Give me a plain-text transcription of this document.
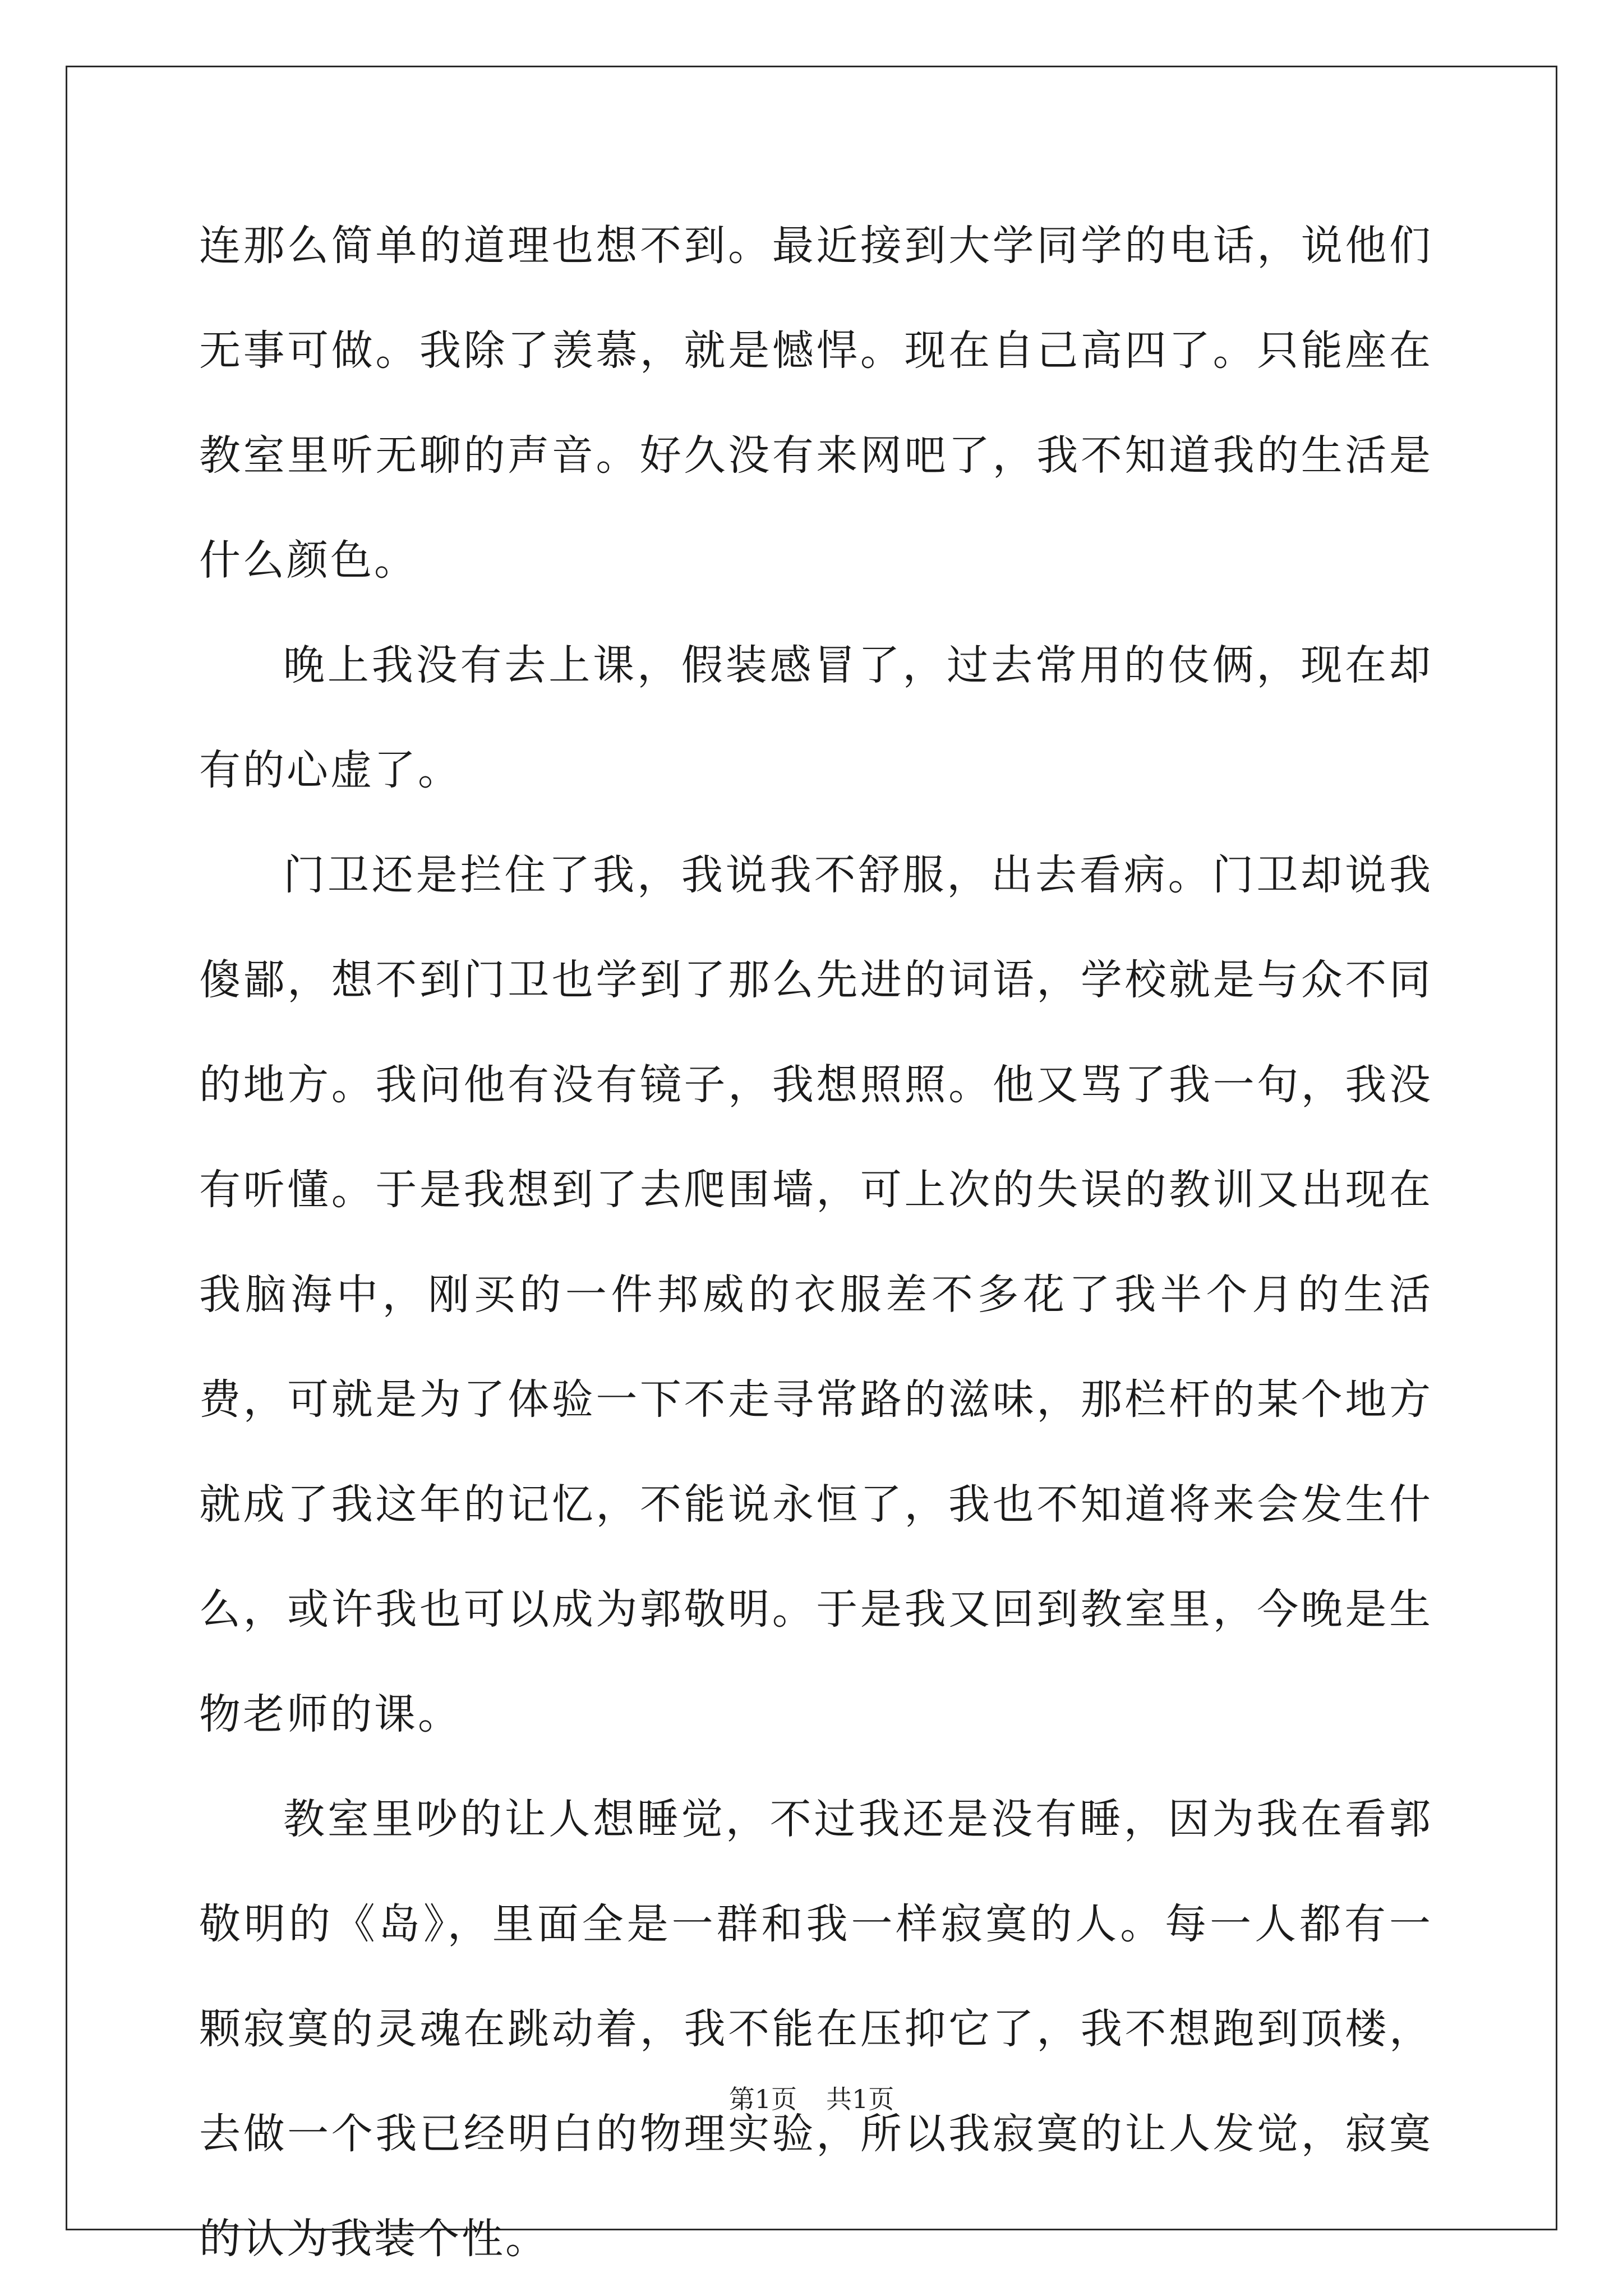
连那么简单的道理也想不到。最近接到大学同学的电话，说他们无事可做。我除了羡慕，就是憾悍。现在自己高四了。只能座在教室里听无聊的声音。好久没有来网吧了，我不知道我的生活是什么颜色。

晚上我没有去上课，假装感冒了，过去常用的伎俩，现在却有的心虚了。

门卫还是拦住了我，我说我不舒服，出去看病。门卫却说我傻鄙，想不到门卫也学到了那么先进的词语，学校就是与众不同的地方。我问他有没有镜子，我想照照。他又骂了我一句，我没有听懂。于是我想到了去爬围墙，可上次的失误的教训又出现在我脑海中，刚买的一件邦威的衣服差不多花了我半个月的生活费，可就是为了体验一下不走寻常路的滋味，那栏杆的某个地方就成了我这年的记忆，不能说永恒了，我也不知道将来会发生什么，或许我也可以成为郭敬明。于是我又回到教室里，今晚是生物老师的课。

教室里吵的让人想睡觉，不过我还是没有睡，因为我在看郭敬明的《岛》，里面全是一群和我一样寂寞的人。每一人都有一颗寂寞的灵魂在跳动着，我不能在压抑它了，我不想跑到顶楼，去做一个我已经明白的物理实验，所以我寂寞的让人发觉，寂寞的认为我装个性。

第1页 共1页
